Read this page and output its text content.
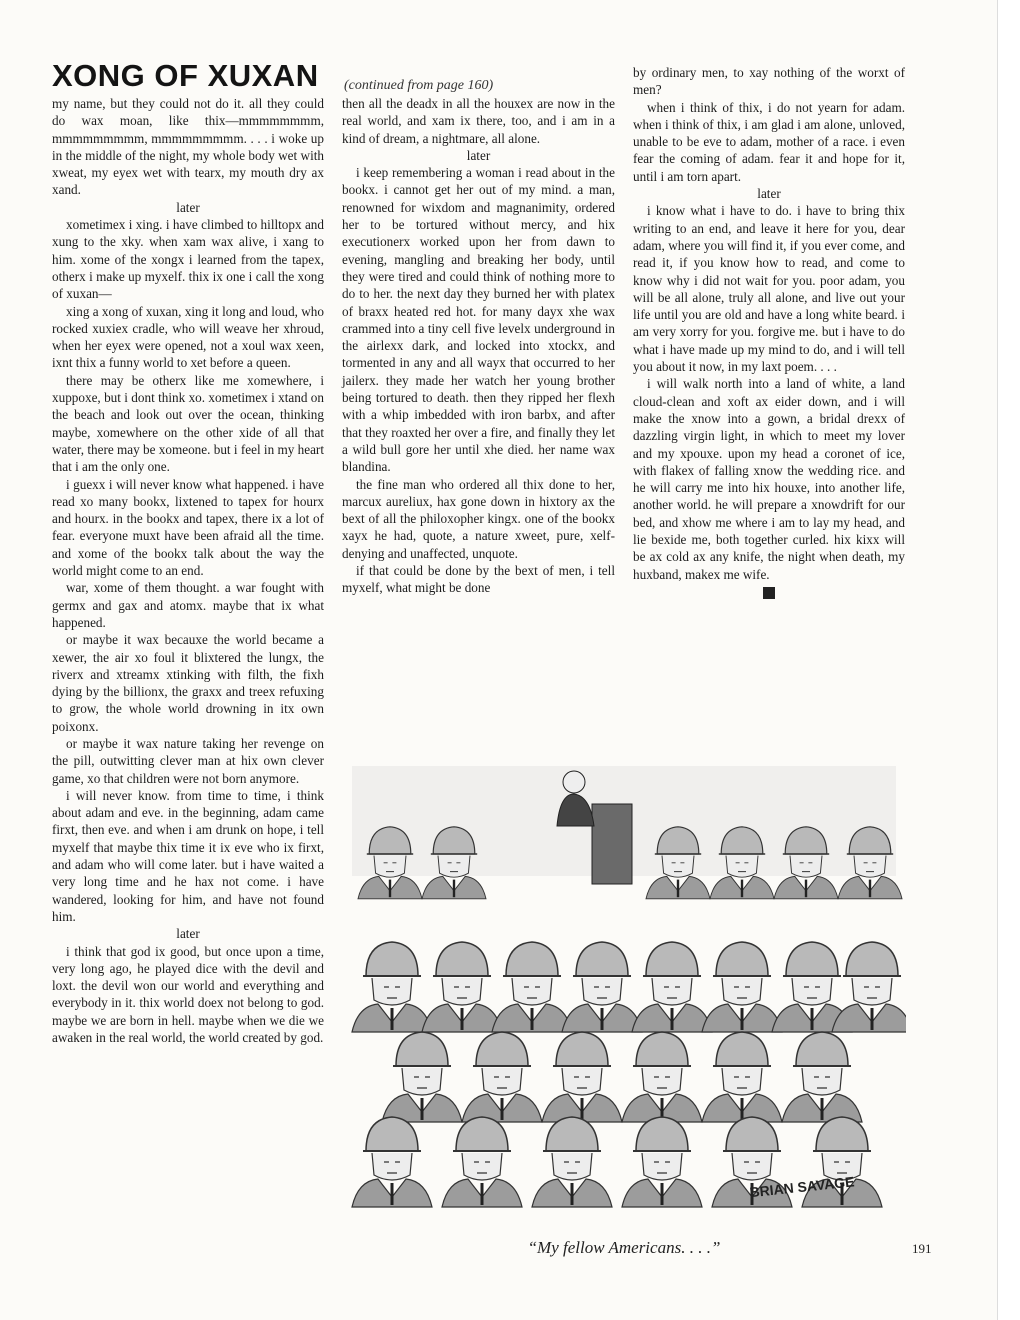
XONG OF XUXAN (continued from page 160)

my name, but they could not do it. all they could do wax moan, like thix—mmmmmmmm, mmmmmmmmm, mmmmmmmmm. . . . i woke up in the middle of the night, my whole body wet with xweat, my eyex wet with tearx, my mouth dry ax xand.

later

xometimex i xing. i have climbed to hilltopx and xung to the xky. when xam wax alive, i xang to him. xome of the xongx i learned from the tapex, otherx i make up myxelf. thix ix one i call the xong of xuxan—

xing a xong of xuxan, xing it long and loud, who rocked xuxiex cradle, who will weave her xhroud, when her eyex were opened, not a xoul wax xeen, ixnt thix a funny world to xet before a queen.

there may be otherx like me xomewhere, i xuppoxe, but i dont think xo. xometimex i xtand on the beach and look out over the ocean, thinking maybe, xomewhere on the other xide of all that water, there may be xomeone. but i feel in my heart that i am the only one.

i guexx i will never know what happened. i have read xo many bookx, lixtened to tapex for hourx and hourx. in the bookx and tapex, there ix a lot of fear. everyone muxt have been afraid all the time. and xome of the bookx talk about the way the world might come to an end.

war, xome of them thought. a war fought with germx and gax and atomx. maybe that ix what happened.

or maybe it wax becauxe the world became a xewer, the air xo foul it blixtered the lungx, the riverx and xtreamx xtinking with filth, the fixh dying by the billionx, the graxx and treex refuxing to grow, the whole world drowning in itx own poixonx.

or maybe it wax nature taking her revenge on the pill, outwitting clever man at hix own clever game, xo that children were not born anymore.

i will never know. from time to time, i think about adam and eve. in the beginning, adam came firxt, then eve. and when i am drunk on hope, i tell myxelf that maybe thix time it ix eve who ix firxt, and adam who will come later. but i have waited a very long time and he hax not come. i have wandered, looking for him, and have not found him.

later

i think that god ix good, but once upon a time, very long ago, he played dice with the devil and loxt. the devil won our world and everything and everybody in it. thix world doex not belong to god. maybe we are born in hell. maybe when we die we awaken in the real world, the world created by god.

then all the deadx in all the houxex are now in the real world, and xam ix there, too, and i am in a kind of dream, a nightmare, all alone.

later

i keep remembering a woman i read about in the bookx. i cannot get her out of my mind. a man, renowned for wixdom and magnanimity, ordered her to be tortured without mercy, and hix executionerx worked upon her from dawn to evening, mangling and breaking her body, until they were tired and could think of nothing more to do to her. the next day they burned her with platex of braxx heated red hot. for many dayx xhe wax crammed into a tiny cell five levelx underground in the airlexx dark, and locked into xtockx, and tormented in any and all wayx that occurred to her jailerx. they made her watch her young brother being tortured to death. then they ripped her flexh with a whip imbedded with iron barbx, and after that they roaxted her over a fire, and finally they let a wild bull gore her until xhe died. her name wax blandina.

the fine man who ordered all thix done to her, marcux aureliux, hax gone down in hixtory ax the bext of all the philoxopher kingx. one of the bookx xayx he had, quote, a nature xweet, pure, xelf-denying and unaffected, unquote.

if that could be done by the bext of men, i tell myxelf, what might be done

by ordinary men, to xay nothing of the worxt of men?

when i think of thix, i do not yearn for adam. when i think of thix, i am glad i am alone, unloved, unable to be eve to adam, mother of a race. i even fear the coming of adam. fear it and hope for it, until i am torn apart.

later

i know what i have to do. i have to bring thix writing to an end, and leave it here for you, dear adam, where you will find it, if you ever come, and read it, if you know how to read, and come to know why i did not wait for you. poor adam, you will be all alone, truly all alone, and live out your life until you are old and have a long white beard. i am very xorry for you. forgive me. but i have to do what i have made up my mind to do, and i will tell you about it now, in my laxt poem. . . .

i will walk north into a land of white, a land cloud-clean and xoft ax eider down, and i will make the xnow into a gown, a bridal drexx of dazzling virgin light, in which to meet my lover and my xpouxe. upon my head a coronet of ice, with flakex of falling xnow the wedding rice. and he will carry me into hix houxe, into another life, another world. he will prepare a xnowdrift for our bed, and xhow me where i am to lay my head, and lie bexide me, both together curled. hix kixx will be ax cold ax any knife, the night when death, my huxband, makex me wife.

BRIAN SAVAGE
“My fellow Americans. . . .”	191
